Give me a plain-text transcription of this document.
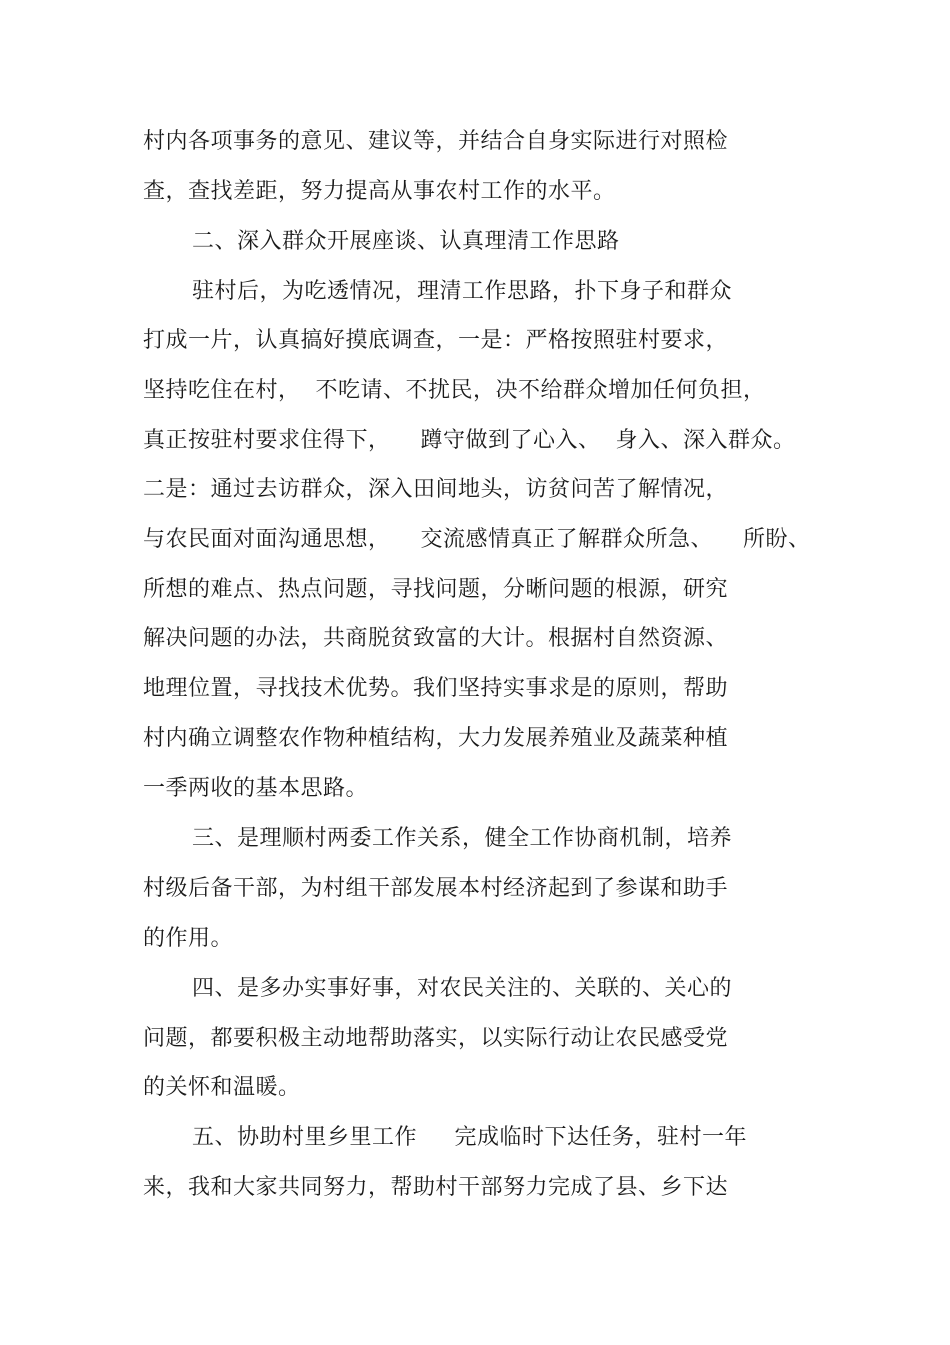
村内各项事务的意见、建议等，并结合自身实际进行对照检
查，查找差距，努力提高从事农村工作的水平。
二、深入群众开展座谈、认真理清工作思路
驻村后，为吃透情况，理清工作思路，扑下身子和群众
打成一片，认真搞好摸底调查，一是：严格按照驻村要求，
坚持吃住在村，  不吃请、不扰民，决不给群众增加任何负担，
真正按驻村要求住得下，    蹲守做到了心入、  身入、深入群众。
二是：通过去访群众，深入田间地头，访贫问苦了解情况，
与农民面对面沟通思想，    交流感情真正了解群众所急、    所盼、
所想的难点、热点问题，寻找问题，分晰问题的根源，研究
解决问题的办法，共商脱贫致富的大计。根据村自然资源、
地理位置，寻找技术优势。我们坚持实事求是的原则，帮助
村内确立调整农作物种植结构，大力发展养殖业及蔬菜种植
一季两收的基本思路。
三、是理顺村两委工作关系，健全工作协商机制，培养
村级后备干部，为村组干部发展本村经济起到了参谋和助手
的作用。
四、是多办实事好事，对农民关注的、关联的、关心的
问题，都要积极主动地帮助落实，以实际行动让农民感受党
的关怀和温暖。
五、协助村里乡里工作     完成临时下达任务，驻村一年
来，我和大家共同努力，帮助村干部努力完成了县、乡下达
